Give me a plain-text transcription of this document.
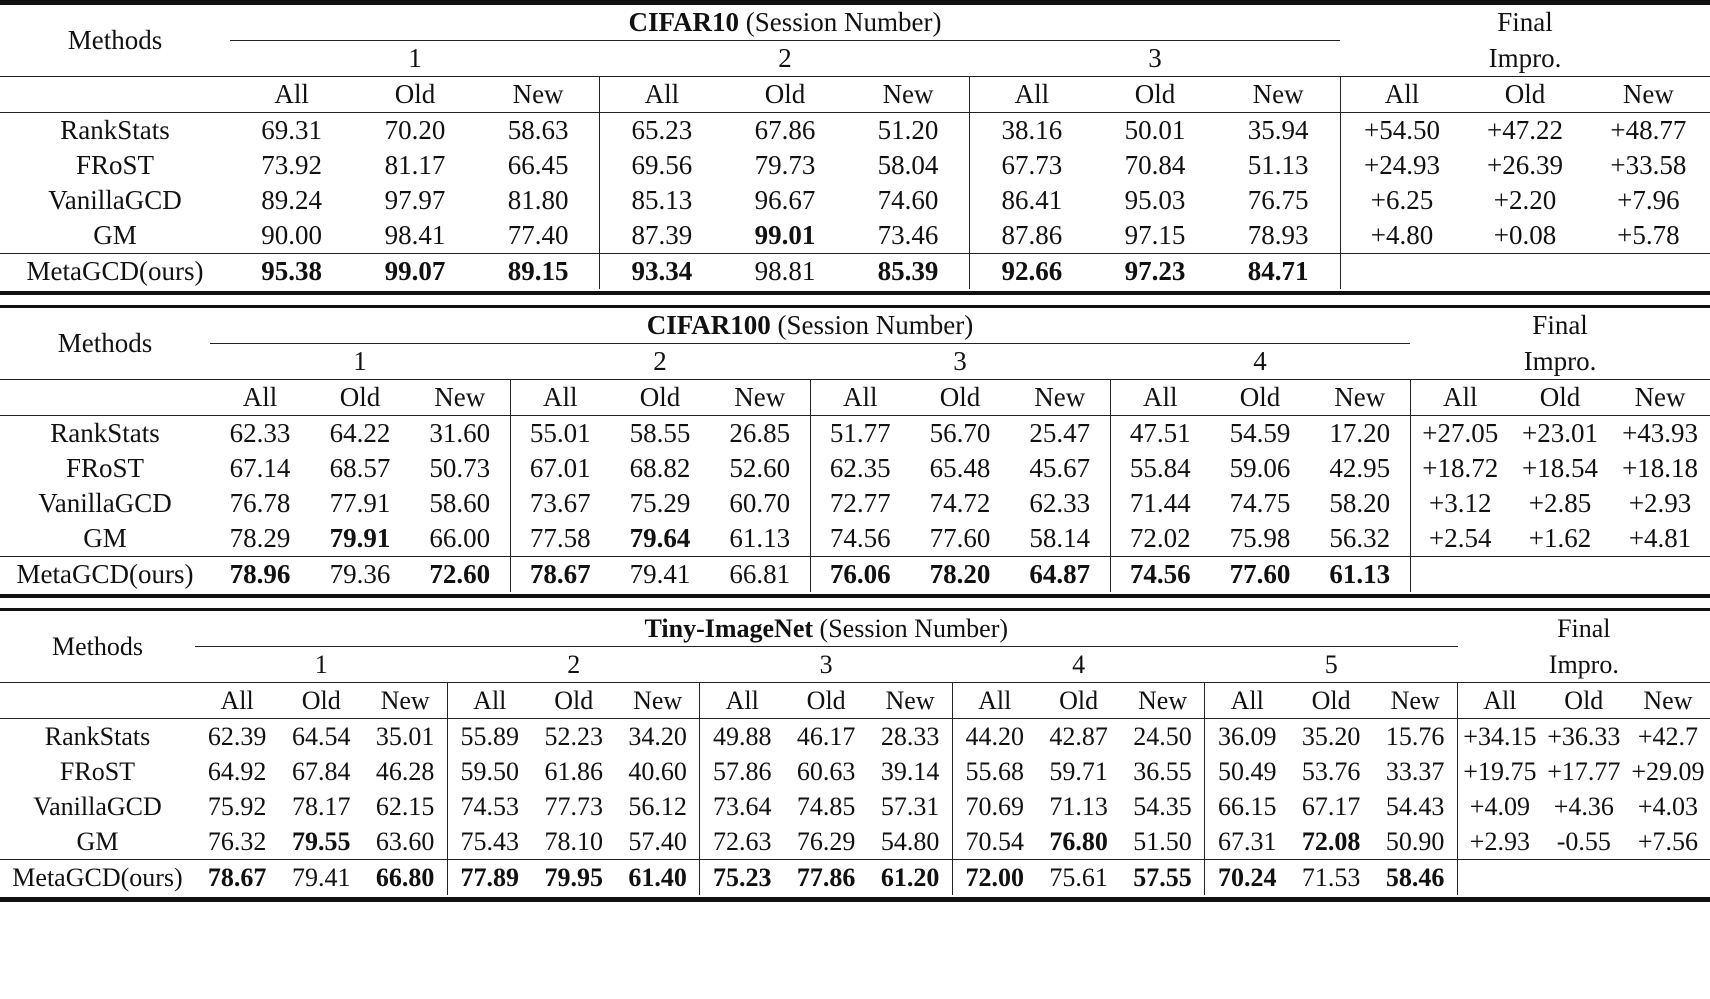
Methods	CIFAR10 (Session Number)									Final		
	1			2			3			Impro.		
	All	Old	New	All	Old	New	All	Old	New	All	Old	New
RankStats	69.31	70.20	58.63	65.23	67.86	51.20	38.16	50.01	35.94	+54.50	+47.22	+48.77
FRoST	73.92	81.17	66.45	69.56	79.73	58.04	67.73	70.84	51.13	+24.93	+26.39	+33.58
VanillaGCD	89.24	97.97	81.80	85.13	96.67	74.60	86.41	95.03	76.75	+6.25	+2.20	+7.96
GM	90.00	98.41	77.40	87.39	99.01	73.46	87.86	97.15	78.93	+4.80	+0.08	+5.78
MetaGCD(ours)	95.38	99.07	89.15	93.34	98.81	85.39	92.66	97.23	84.71			
Methods	CIFAR100 (Session Number)												Final		
	1			2			3			4			Impro.		
	All	Old	New	All	Old	New	All	Old	New	All	Old	New	All	Old	New
RankStats	62.33	64.22	31.60	55.01	58.55	26.85	51.77	56.70	25.47	47.51	54.59	17.20	+27.05	+23.01	+43.93
FRoST	67.14	68.57	50.73	67.01	68.82	52.60	62.35	65.48	45.67	55.84	59.06	42.95	+18.72	+18.54	+18.18
VanillaGCD	76.78	77.91	58.60	73.67	75.29	60.70	72.77	74.72	62.33	71.44	74.75	58.20	+3.12	+2.85	+2.93
GM	78.29	79.91	66.00	77.58	79.64	61.13	74.56	77.60	58.14	72.02	75.98	56.32	+2.54	+1.62	+4.81
MetaGCD(ours)	78.96	79.36	72.60	78.67	79.41	66.81	76.06	78.20	64.87	74.56	77.60	61.13			
Methods	Tiny-ImageNet (Session Number)															Final		
	1			2			3			4			5			Impro.		
	All	Old	New	All	Old	New	All	Old	New	All	Old	New	All	Old	New	All	Old	New
RankStats	62.39	64.54	35.01	55.89	52.23	34.20	49.88	46.17	28.33	44.20	42.87	24.50	36.09	35.20	15.76	+34.15	+36.33	+42.7
FRoST	64.92	67.84	46.28	59.50	61.86	40.60	57.86	60.63	39.14	55.68	59.71	36.55	50.49	53.76	33.37	+19.75	+17.77	+29.09
VanillaGCD	75.92	78.17	62.15	74.53	77.73	56.12	73.64	74.85	57.31	70.69	71.13	54.35	66.15	67.17	54.43	+4.09	+4.36	+4.03
GM	76.32	79.55	63.60	75.43	78.10	57.40	72.63	76.29	54.80	70.54	76.80	51.50	67.31	72.08	50.90	+2.93	-0.55	+7.56
MetaGCD(ours)	78.67	79.41	66.80	77.89	79.95	61.40	75.23	77.86	61.20	72.00	75.61	57.55	70.24	71.53	58.46			
